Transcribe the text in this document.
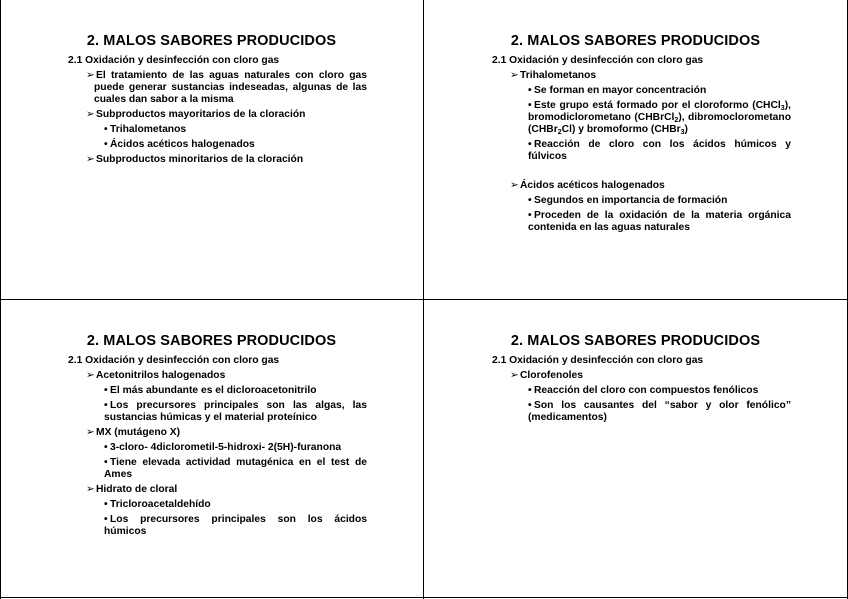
2. MALOS SABORES PRODUCIDOS
2.1 Oxidación y desinfección con cloro gas
➢El tratamiento de las aguas naturales con cloro gas puede generar sustancias indeseadas, algunas de las cuales dan sabor a la misma
➢Subproductos mayoritarios de la cloración
• Trihalometanos
• Ácidos acéticos halogenados
➢Subproductos minoritarios de la cloración
2. MALOS SABORES PRODUCIDOS
2.1 Oxidación y desinfección con cloro gas
➢Trihalometanos
• Se forman en mayor concentración
• Este grupo está formado por el cloroformo (CHCl$_3$), bromodiclorometano (CHBrCl$_2$), dibromoclorometano (CHBr$_2$Cl) y bromoformo (CHBr$_3$)
• Reacción de cloro con los ácidos húmicos y fúlvicos
➢Ácidos acéticos halogenados
• Segundos en importancia de formación
• Proceden de la oxidación de la materia orgánica contenida en las aguas naturales
2. MALOS SABORES PRODUCIDOS
2.1 Oxidación y desinfección con cloro gas
➢Acetonitrilos halogenados
• El más abundante es el dicloroacetonitrilo
• Los precursores principales son las algas, las sustancias húmicas y el material proteínico
➢MX (mutágeno X)
• 3-cloro- 4diclorometil-5-hidroxi- 2(5H)-furanona
• Tiene elevada actividad mutagénica en el test de Ames
➢Hidrato de cloral
• Tricloroacetaldehído
• Los precursores principales son los ácidos húmicos
2. MALOS SABORES PRODUCIDOS
2.1 Oxidación y desinfección con cloro gas
➢Clorofenoles
• Reacción del cloro con compuestos fenólicos
• Son los causantes del “sabor y olor fenólico” (medicamentos)
